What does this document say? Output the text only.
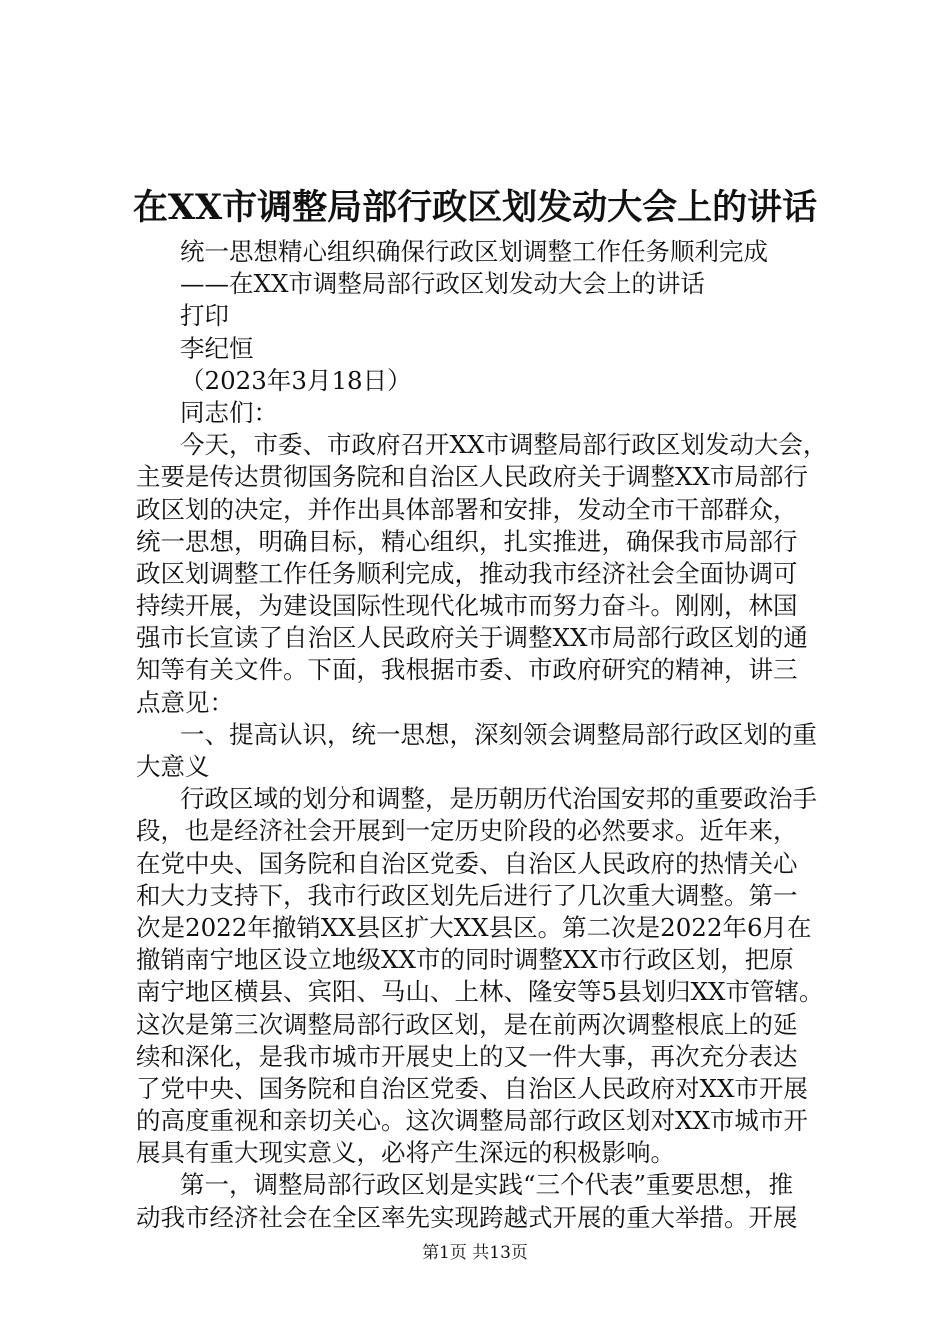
在XX市调整局部行政区划发动大会上的讲话
统一思想精心组织确保行政区划调整工作任务顺利完成
——在XX市调整局部行政区划发动大会上的讲话
打印
李纪恒
（2023年3月18日）
同志们：
今天，市委、市政府召开XX市调整局部行政区划发动大会，
主要是传达贯彻国务院和自治区人民政府关于调整XX市局部行
政区划的决定，并作出具体部署和安排，发动全市干部群众，
统一思想，明确目标，精心组织，扎实推进，确保我市局部行
政区划调整工作任务顺利完成，推动我市经济社会全面协调可
持续开展，为建设国际性现代化城市而努力奋斗。刚刚，林国
强市长宣读了自治区人民政府关于调整XX市局部行政区划的通
知等有关文件。下面，我根据市委、市政府研究的精神，讲三
点意见：
一、提高认识，统一思想，深刻领会调整局部行政区划的重
大意义
行政区域的划分和调整，是历朝历代治国安邦的重要政治手
段，也是经济社会开展到一定历史阶段的必然要求。近年来，
在党中央、国务院和自治区党委、自治区人民政府的热情关心
和大力支持下，我市行政区划先后进行了几次重大调整。第一
次是2022年撤销XX县区扩大XX县区。第二次是2022年6月在
撤销南宁地区设立地级XX市的同时调整XX市行政区划，把原
南宁地区横县、宾阳、马山、上林、隆安等5县划归XX市管辖。
这次是第三次调整局部行政区划，是在前两次调整根底上的延
续和深化，是我市城市开展史上的又一件大事，再次充分表达
了党中央、国务院和自治区党委、自治区人民政府对XX市开展
的高度重视和亲切关心。这次调整局部行政区划对XX市城市开
展具有重大现实意义，必将产生深远的积极影响。
第一，调整局部行政区划是实践“三个代表”重要思想，推
动我市经济社会在全区率先实现跨越式开展的重大举措。开展
第1页 共13页
